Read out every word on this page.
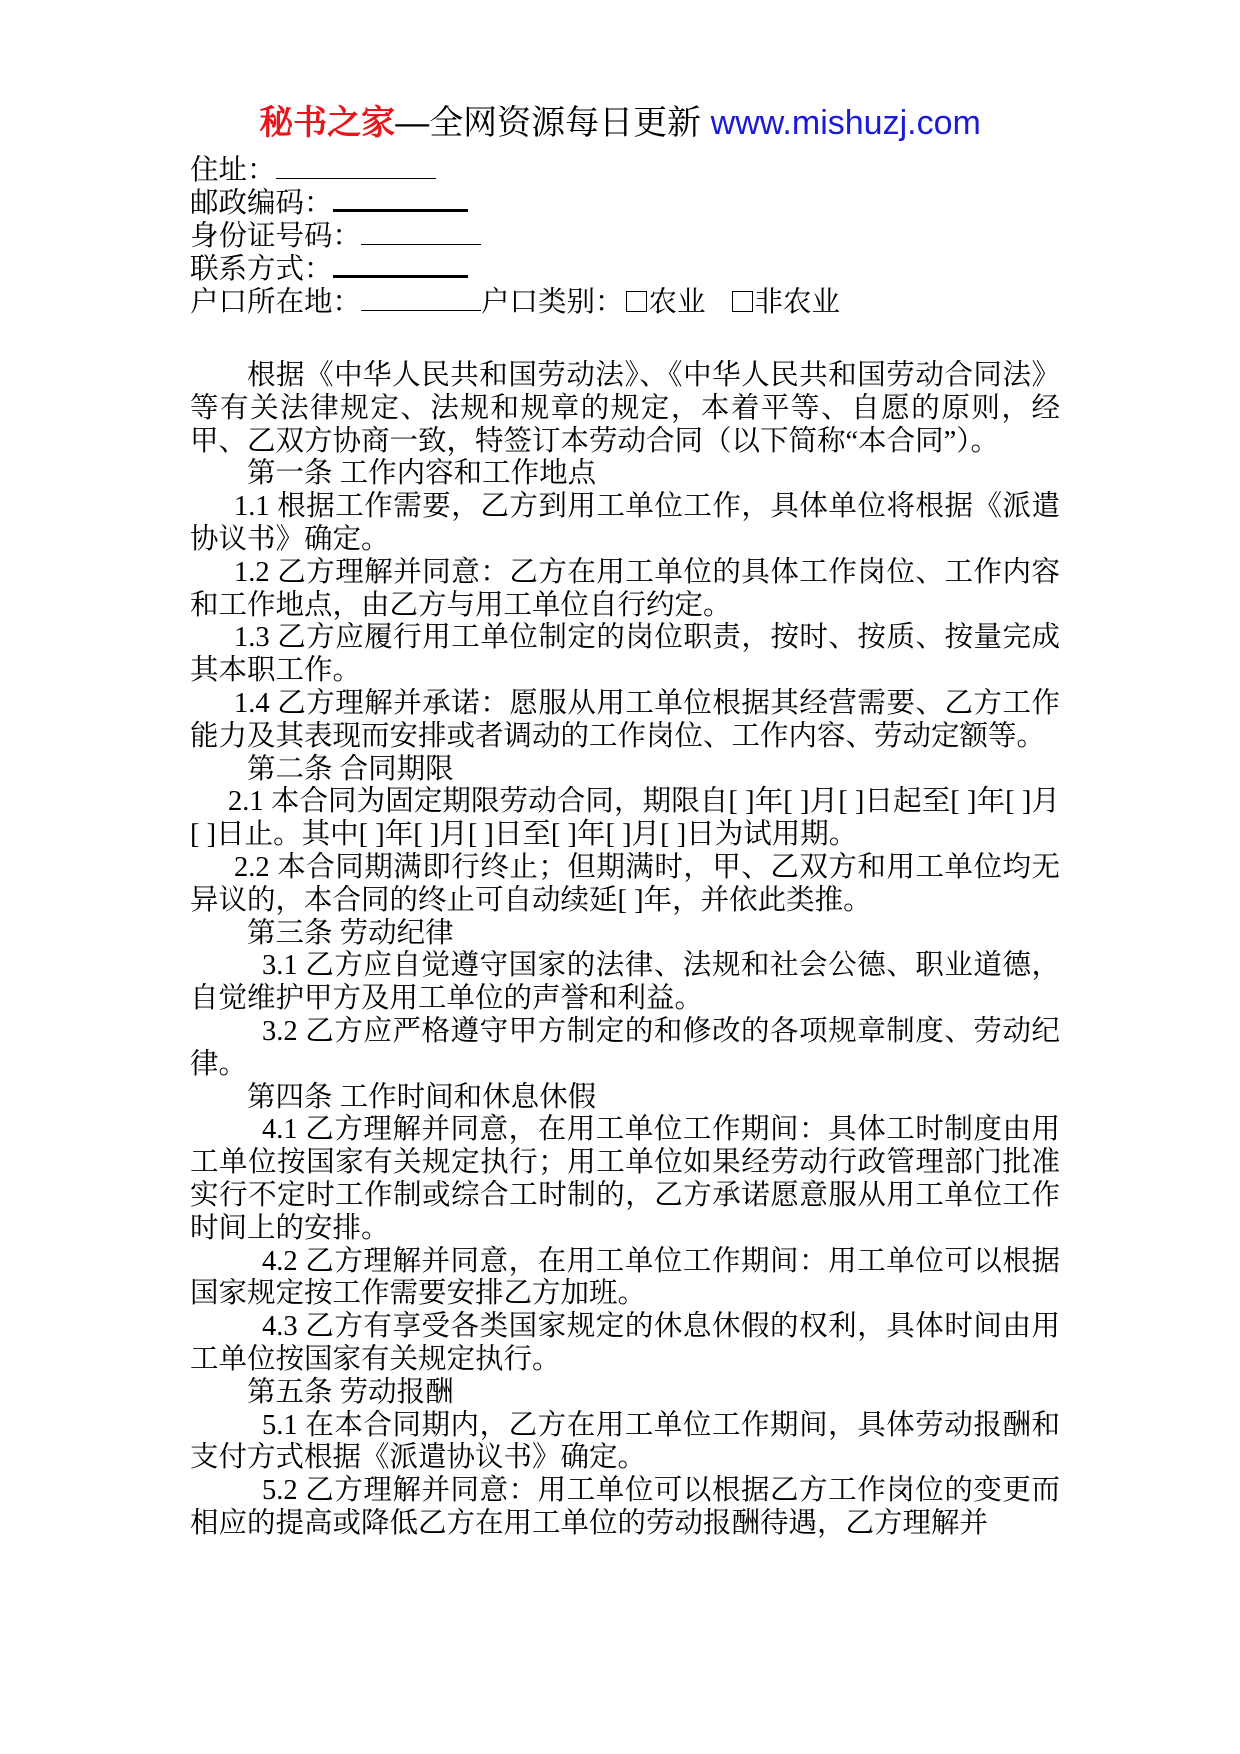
秘书之家—全网资源每日更新 www.mishuzj.com
住址：
邮政编码：
身份证号码：
联系方式：
户口所在地：	户口类别： 农业 非农业

根据《中华人民共和国劳动法》、《中华人民共和国劳动合同法》等有关法律规定、法规和规章的规定，本着平等、自愿的原则，经甲、乙双方协商一致，特签订本劳动合同（以下简称“本合同”）。

第一条 工作内容和工作地点

1.1 根据工作需要，乙方到用工单位工作，具体单位将根据《派遣协议书》确定。

1.2 乙方理解并同意：乙方在用工单位的具体工作岗位、工作内容和工作地点，由乙方与用工单位自行约定。

1.3 乙方应履行用工单位制定的岗位职责，按时、按质、按量完成其本职工作。

1.4 乙方理解并承诺：愿服从用工单位根据其经营需要、乙方工作能力及其表现而安排或者调动的工作岗位、工作内容、劳动定额等。

第二条 合同期限

2.1 本合同为固定期限劳动合同，期限自[ ]年[ ]月[ ]日起至[ ]年[ ]月[ ]日止。其中[ ]年[ ]月[ ]日至[ ]年[ ]月[ ]日为试用期。

2.2 本合同期满即行终止；但期满时，甲、乙双方和用工单位均无异议的，本合同的终止可自动续延[ ]年，并依此类推。

第三条 劳动纪律

3.1 乙方应自觉遵守国家的法律、法规和社会公德、职业道德，自觉维护甲方及用工单位的声誉和利益。

3.2 乙方应严格遵守甲方制定的和修改的各项规章制度、劳动纪律。

第四条 工作时间和休息休假

4.1 乙方理解并同意，在用工单位工作期间：具体工时制度由用工单位按国家有关规定执行；用工单位如果经劳动行政管理部门批准实行不定时工作制或综合工时制的，乙方承诺愿意服从用工单位工作时间上的安排。

4.2 乙方理解并同意，在用工单位工作期间：用工单位可以根据国家规定按工作需要安排乙方加班。

4.3 乙方有享受各类国家规定的休息休假的权利，具体时间由用工单位按国家有关规定执行。

第五条 劳动报酬

5.1 在本合同期内，乙方在用工单位工作期间，具体劳动报酬和支付方式根据《派遣协议书》确定。

5.2 乙方理解并同意：用工单位可以根据乙方工作岗位的变更而相应的提高或降低乙方在用工单位的劳动报酬待遇，乙方理解并
